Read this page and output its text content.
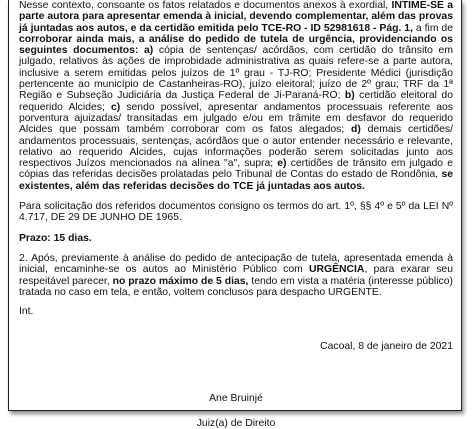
Nesse contexto, consoante os fatos relatados e documentos anexos à exordial, INTIME-SE a parte autora para apresentar emenda à inicial, devendo complementar, além das provas já juntadas aos autos, e da certidão emitida pelo TCE-RO - ID 52981618 - Pág. 1, a fim de corroborar ainda mais, a análise do pedido de tutela de urgência, providenciando os seguintes documentos: a) cópia de sentenças/ acórdãos, com certidão do trânsito em julgado, relativos às ações de improbidade administrativa as quais refere-se a parte autora, inclusive a serem emitidas pelos juízos de 1º grau - TJ-RO; Presidente Médici (jurisdição pertencente ao município de Castanheiras-RO), juízo eleitoral; juízo de 2º grau; TRF da 1ª Região e Subseção Judiciária da Justiça Federal de Ji-Paraná-RO; b) certidão eleitoral do requerido Alcides; c) sendo possível, apresentar andamentos processuais referente aos porventura ajuizadas/ transitadas em julgado e/ou em trâmite em desfavor do requerido Alcides que possam também corroborar com os fatos alegados; d) demais certidões/ andamentos processuais, sentenças, acórdãos que o autor entender necessário e relevante, relativo ao requerido Alcides, cujas informações poderão serem solicitadas junto aos respectivos Juízos mencionados na alínea "a", supra; e) certidões de trânsito em julgado e cópias das referidas decisões prolatadas pelo Tribunal de Contas do estado de Rondônia, se existentes, além das referidas decisões do TCE já juntadas aos autos.

Para solicitação dos referidos documentos consigno os termos do art. 1º, §§ 4º e 5º da LEI Nº 4.717, DE 29 DE JUNHO DE 1965.

Prazo: 15 dias.

2. Após, previamente à análise do pedido de antecipação de tutela, apresentada emenda à inicial, encaminhe-se os autos ao Ministério Público com URGÊNCIA, para exarar seu respeitável parecer, no prazo máximo de 5 dias, tendo em vista a matéria (interesse público) tratada no caso em tela, e então, voltem conclusos para despacho URGENTE.

Int.

Cacoal, 8 de janeiro de 2021

Ane Bruinjé

Juiz(a) de Direito
